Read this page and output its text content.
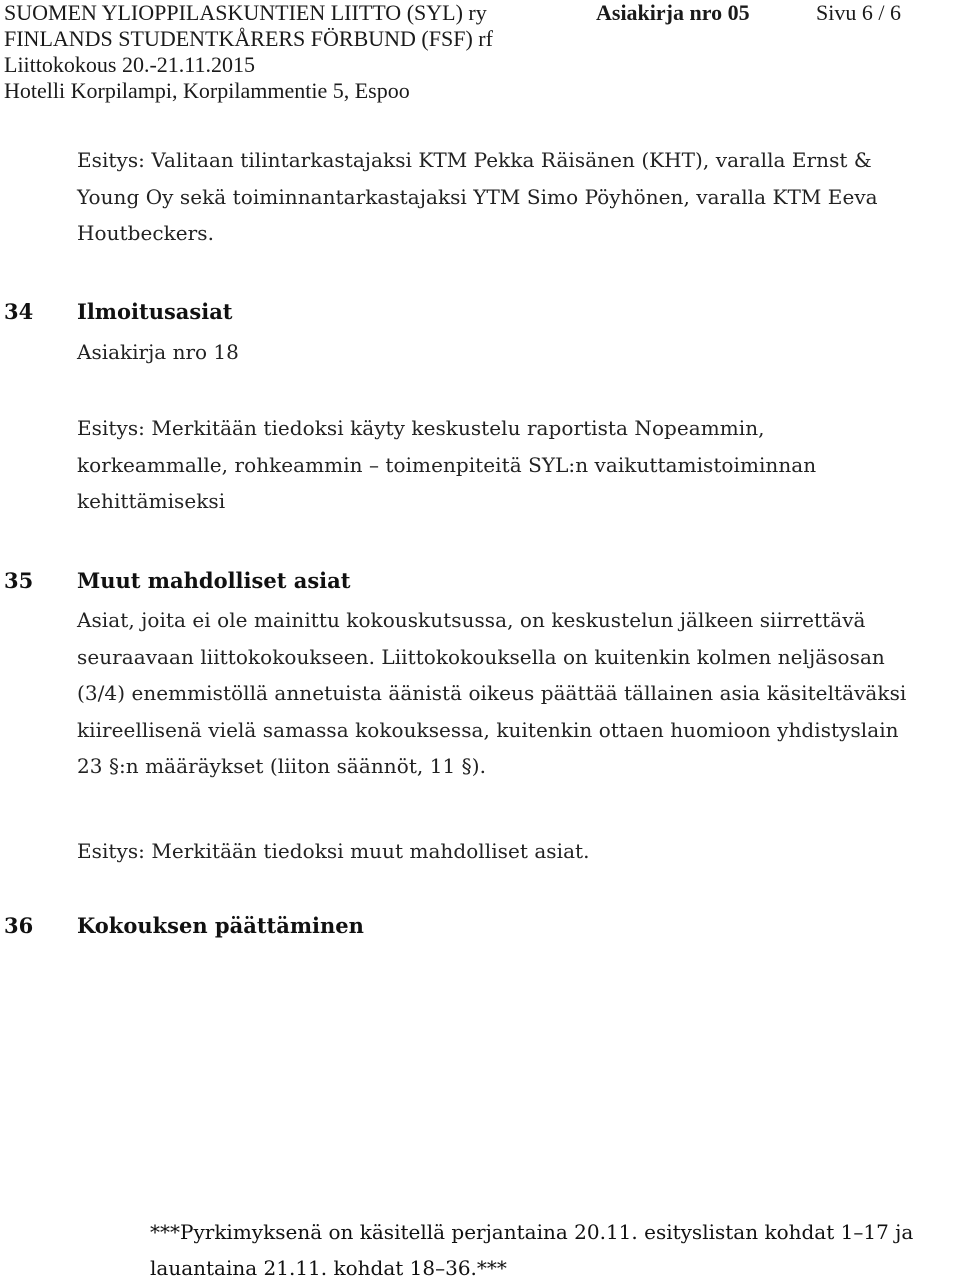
SUOMEN YLIOPPILASKUNTIEN LIITTO (SYL) ry	Asiakirja nro 05	Sivu 6 / 6
FINLANDS STUDENTKÅRERS FÖRBUND (FSF) rf
Liittokokous 20.-21.11.2015
Hotelli Korpilampi, Korpilammentie 5, Espoo
Esitys: Valitaan tilintarkastajaksi KTM Pekka Räisänen (KHT), varalla Ernst &
Young Oy sekä toiminnantarkastajaksi YTM Simo Pöyhönen, varalla KTM Eeva
Houtbeckers.
34 Ilmoitusasiat
Asiakirja nro 18
Esitys: Merkitään tiedoksi käyty keskustelu raportista Nopeammin,
korkeammalle, rohkeammin – toimenpiteitä SYL:n vaikuttamistoiminnan
kehittämiseksi
35 Muut mahdolliset asiat
Asiat, joita ei ole mainittu kokouskutsussa, on keskustelun jälkeen siirrettävä
seuraavaan liittokokoukseen. Liittokokouksella on kuitenkin kolmen neljäsosan
(3/4) enemmistöllä annetuista äänistä oikeus päättää tällainen asia käsiteltäväksi
kiireellisenä vielä samassa kokouksessa, kuitenkin ottaen huomioon yhdistyslain
23 §:n määräykset (liiton säännöt, 11 §).
Esitys: Merkitään tiedoksi muut mahdolliset asiat.
36 Kokouksen päättäminen
***Pyrkimyksenä on käsitellä perjantaina 20.11. esityslistan kohdat 1–17 ja
lauantaina 21.11. kohdat 18–36.***
